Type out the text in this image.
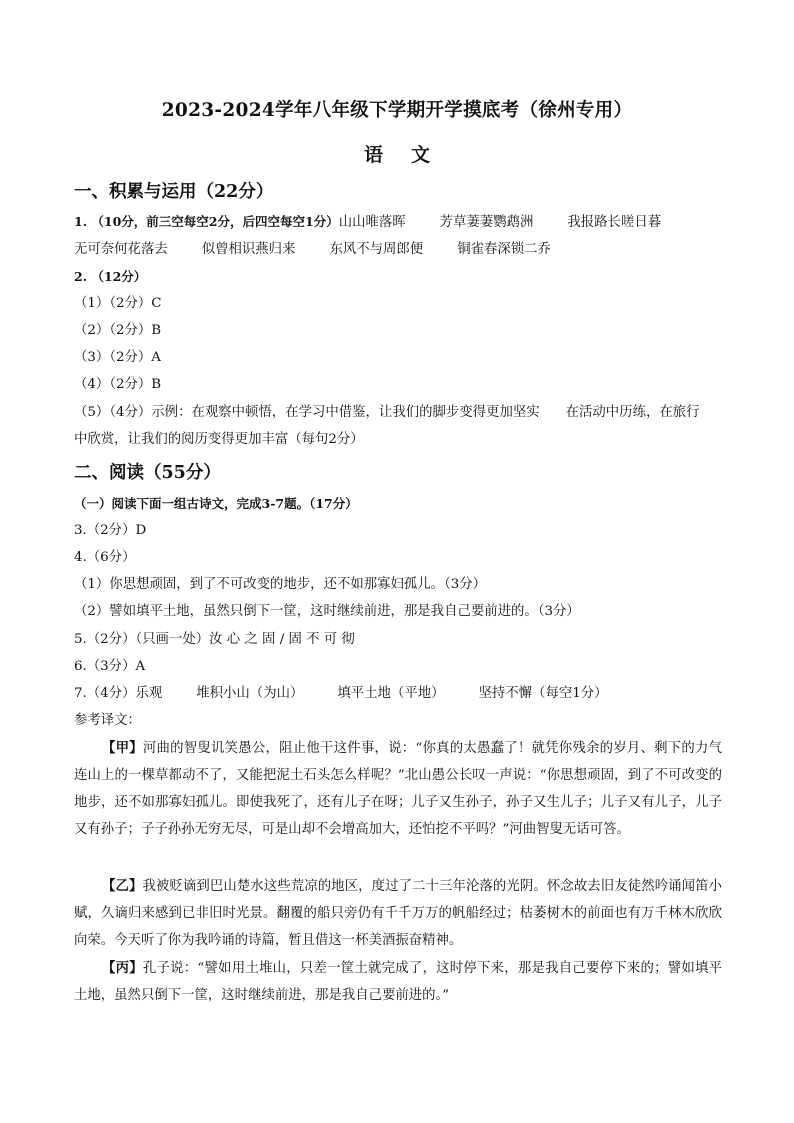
2023-2024学年八年级下学期开学摸底考（徐州专用）
语 文
一、积累与运用（22分）
1. （10分，前三空每空2分，后四空每空1分）山山唯落晖	芳草萋萋鹦鹉洲	我报路长嗟日暮
无可奈何花落去	似曾相识燕归来	东风不与周郎便	铜雀春深锁二乔
2. （12分）
（1）（2分）C
（2）（2分）B
（3）（2分）A
（4）（2分）B
（5）（4分）示例：在观察中顿悟，在学习中借鉴，让我们的脚步变得更加坚实 在活动中历练，在旅行
中欣赏，让我们的阅历变得更加丰富（每句2分）
二、阅读（55分）
（一）阅读下面一组古诗文，完成3-7题。（17分）
3.（2分）D
4.（6分）
（1）你思想顽固，到了不可改变的地步，还不如那寡妇孤儿。（3分）
（2）譬如填平土地，虽然只倒下一筐，这时继续前进，那是我自己要前进的。（3分）
5.（2分）（只画一处）汝 心 之 固 / 固 不 可 彻
6.（3分）A
7.（4分）乐观	堆积小山（为山）	填平土地（平地）	坚持不懈（每空1分）
参考译文：
【甲】河曲的智叟讥笑愚公，阻止他干这件事，说：“你真的太愚蠢了！就凭你残余的岁月、剩下的力气连山上的一棵草都动不了，又能把泥土石头怎么样呢？”北山愚公长叹一声说：“你思想顽固，到了不可改变的地步，还不如那寡妇孤儿。即使我死了，还有儿子在呀；儿子又生孙子，孙子又生儿子；儿子又有儿子，儿子又有孙子；子子孙孙无穷无尽，可是山却不会增高加大，还怕挖不平吗？”河曲智叟无话可答。
【乙】我被贬谪到巴山楚水这些荒凉的地区，度过了二十三年沦落的光阴。怀念故去旧友徒然吟诵闻笛小赋，久谪归来感到已非旧时光景。翻覆的船只旁仍有千千万万的帆船经过；枯萎树木的前面也有万千林木欣欣向荣。今天听了你为我吟诵的诗篇，暂且借这一杯美酒振奋精神。
【丙】孔子说：“譬如用土堆山，只差一筐土就完成了，这时停下来，那是我自己要停下来的；譬如填平土地，虽然只倒下一筐，这时继续前进，那是我自己要前进的。”
